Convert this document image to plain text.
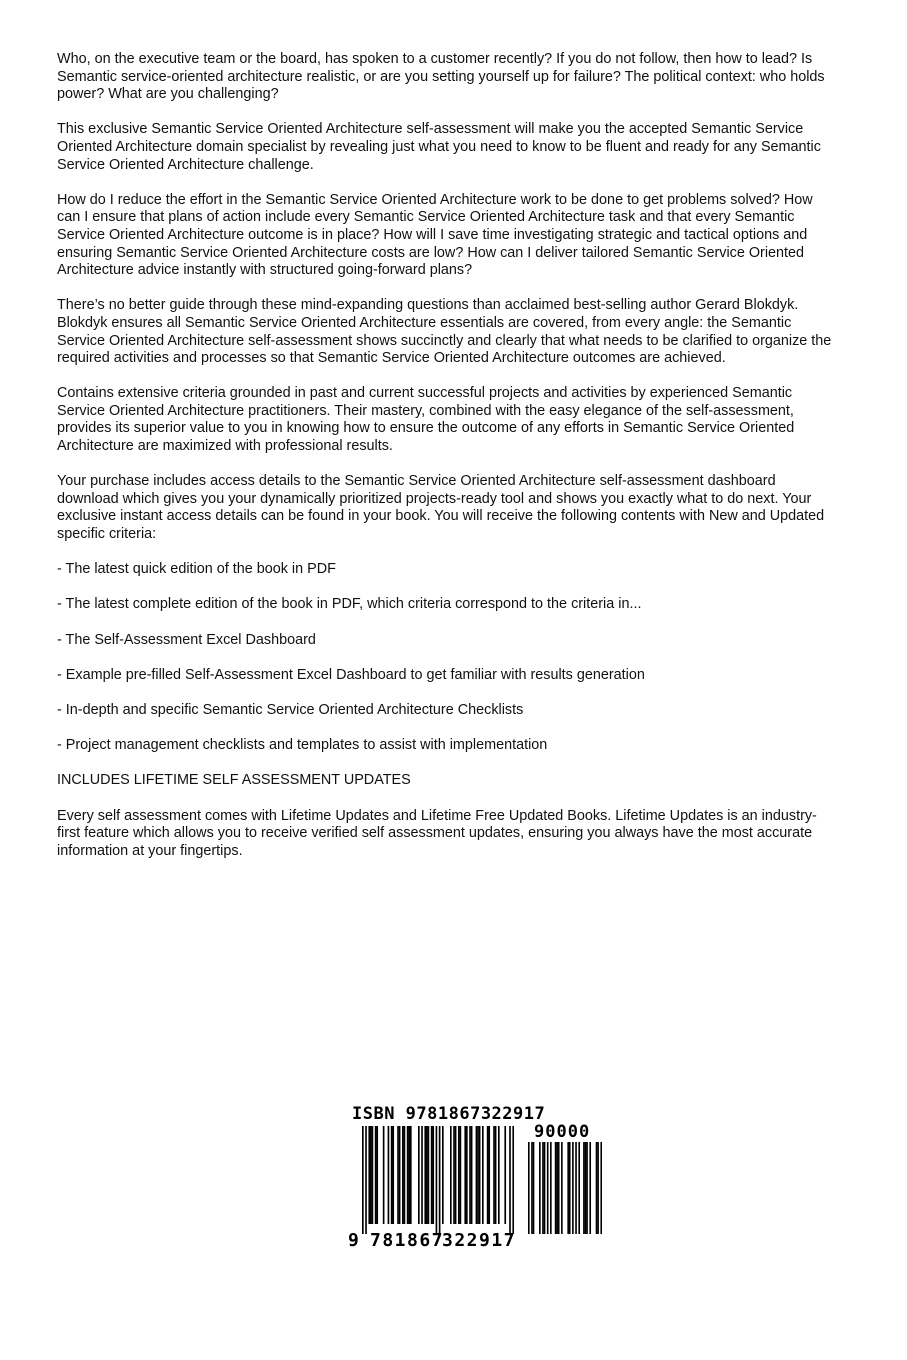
Who, on the executive team or the board, has spoken to a customer recently? If you do not follow, then how to lead? Is Semantic service-oriented architecture realistic, or are you setting yourself up for failure? The political context: who holds power? What are you challenging?

This exclusive Semantic Service Oriented Architecture self-assessment will make you the accepted Semantic Service Oriented Architecture domain specialist by revealing just what you need to know to be fluent and ready for any Semantic Service Oriented Architecture challenge.

How do I reduce the effort in the Semantic Service Oriented Architecture work to be done to get problems solved? How can I ensure that plans of action include every Semantic Service Oriented Architecture task and that every Semantic Service Oriented Architecture outcome is in place? How will I save time investigating strategic and tactical options and ensuring Semantic Service Oriented Architecture costs are low? How can I deliver tailored Semantic Service Oriented Architecture advice instantly with structured going-forward plans?

There’s no better guide through these mind-expanding questions than acclaimed best-selling author Gerard Blokdyk. Blokdyk ensures all Semantic Service Oriented Architecture essentials are covered, from every angle: the Semantic Service Oriented Architecture self-assessment shows succinctly and clearly that what needs to be clarified to organize the required activities and processes so that Semantic Service Oriented Architecture outcomes are achieved.

Contains extensive criteria grounded in past and current successful projects and activities by experienced Semantic Service Oriented Architecture practitioners. Their mastery, combined with the easy elegance of the self-assessment, provides its superior value to you in knowing how to ensure the outcome of any efforts in Semantic Service Oriented Architecture are maximized with professional results.

Your purchase includes access details to the Semantic Service Oriented Architecture self-assessment dashboard download which gives you your dynamically prioritized projects-ready tool and shows you exactly what to do next. Your exclusive instant access details can be found in your book. You will receive the following contents with New and Updated specific criteria:

- The latest quick edition of the book in PDF

- The latest complete edition of the book in PDF, which criteria correspond to the criteria in...

- The Self-Assessment Excel Dashboard

- Example pre-filled Self-Assessment Excel Dashboard to get familiar with results generation

- In-depth and specific Semantic Service Oriented Architecture Checklists

- Project management checklists and templates to assist with implementation

INCLUDES LIFETIME SELF ASSESSMENT UPDATES

Every self assessment comes with Lifetime Updates and Lifetime Free Updated Books. Lifetime Updates is an industry-first feature which allows you to receive verified self assessment updates, ensuring you always have the most accurate information at your fingertips.

ISBN 9781867322917
90000
9 781867
322917
